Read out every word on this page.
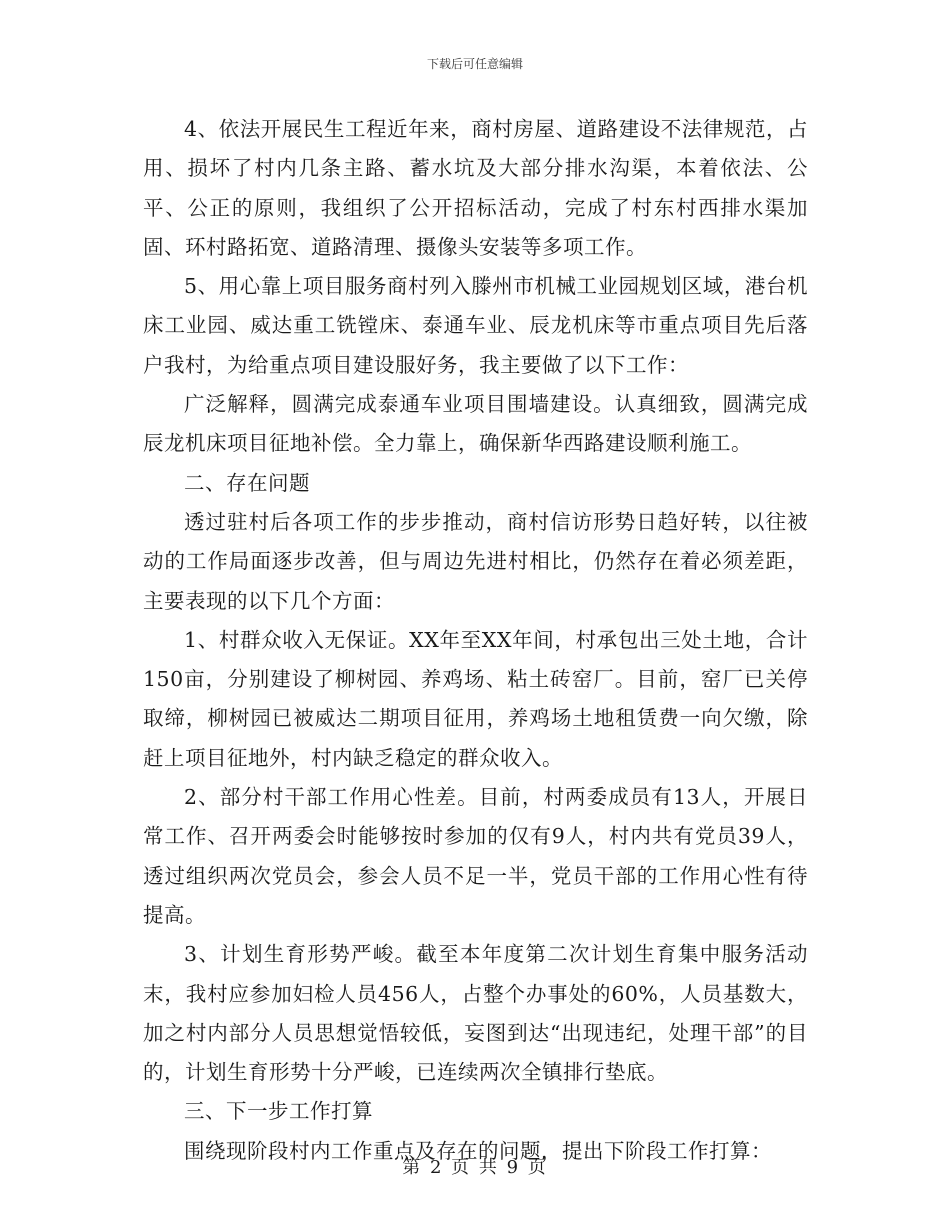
下载后可任意编辑

4、依法开展民生工程近年来，商村房屋、道路建设不法律规范，占用、损坏了村内几条主路、蓄水坑及大部分排水沟渠，本着依法、公平、公正的原则，我组织了公开招标活动，完成了村东村西排水渠加固、环村路拓宽、道路清理、摄像头安装等多项工作。

5、用心靠上项目服务商村列入滕州市机械工业园规划区域，港台机床工业园、威达重工铣镗床、泰通车业、辰龙机床等市重点项目先后落户我村，为给重点项目建设服好务，我主要做了以下工作：

广泛解释，圆满完成泰通车业项目围墙建设。认真细致，圆满完成辰龙机床项目征地补偿。全力靠上，确保新华西路建设顺利施工。

二、存在问题

透过驻村后各项工作的步步推动，商村信访形势日趋好转，以往被动的工作局面逐步改善，但与周边先进村相比，仍然存在着必须差距，主要表现的以下几个方面：

1、村群众收入无保证。XX年至XX年间，村承包出三处土地，合计150亩，分别建设了柳树园、养鸡场、粘土砖窑厂。目前，窑厂已关停取缔，柳树园已被威达二期项目征用，养鸡场土地租赁费一向欠缴，除赶上项目征地外，村内缺乏稳定的群众收入。

2、部分村干部工作用心性差。目前，村两委成员有13人，开展日常工作、召开两委会时能够按时参加的仅有9人，村内共有党员39人，透过组织两次党员会，参会人员不足一半，党员干部的工作用心性有待提高。

3、计划生育形势严峻。截至本年度第二次计划生育集中服务活动末，我村应参加妇检人员456人，占整个办事处的60%，人员基数大，加之村内部分人员思想觉悟较低，妄图到达“出现违纪，处理干部”的目的，计划生育形势十分严峻，已连续两次全镇排行垫底。

三、下一步工作打算

围绕现阶段村内工作重点及存在的问题，提出下阶段工作打算：

第 2 页 共 9 页
